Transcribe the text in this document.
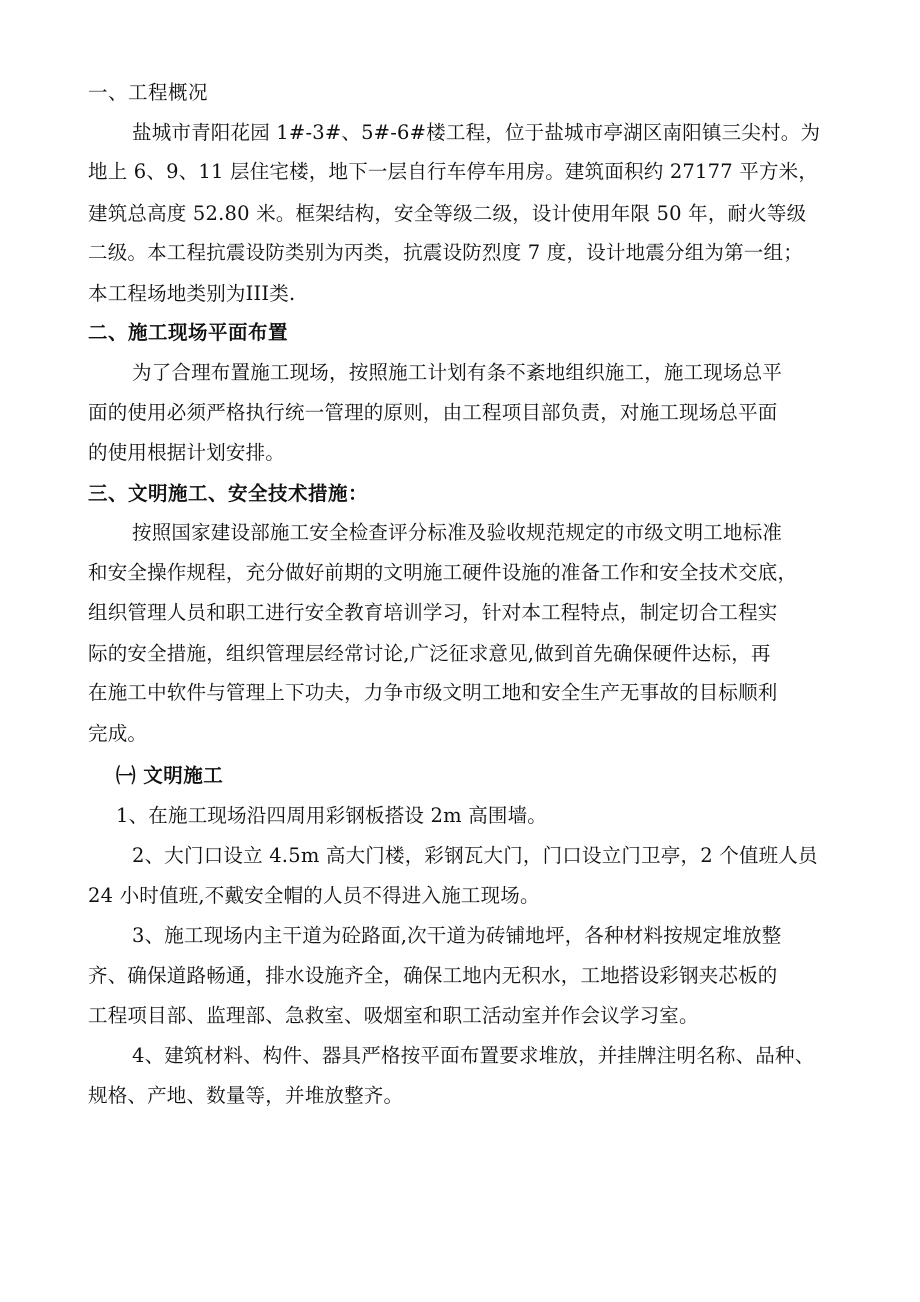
一、工程概况
盐城市青阳花园 1#-3#、5#-6#楼工程，位于盐城市亭湖区南阳镇三尖村。为
地上 6、9、11 层住宅楼，地下一层自行车停车用房。建筑面积约 27177 平方米，
建筑总高度 52.80 米。框架结构，安全等级二级，设计使用年限 50 年，耐火等级
二级。本工程抗震设防类别为丙类，抗震设防烈度 7 度，设计地震分组为第一组；
本工程场地类别为III类.
二、施工现场平面布置
为了合理布置施工现场，按照施工计划有条不紊地组织施工，施工现场总平
面的使用必须严格执行统一管理的原则，由工程项目部负责，对施工现场总平面
的使用根据计划安排。
三、文明施工、安全技术措施：
按照国家建设部施工安全检查评分标准及验收规范规定的市级文明工地标准
和安全操作规程，充分做好前期的文明施工硬件设施的准备工作和安全技术交底，
组织管理人员和职工进行安全教育培训学习，针对本工程特点，制定切合工程实
际的安全措施，组织管理层经常讨论,广泛征求意见,做到首先确保硬件达标，再
在施工中软件与管理上下功夫，力争市级文明工地和安全生产无事故的目标顺利
完成。
㈠ 文明施工
1、在施工现场沿四周用彩钢板搭设 2m 高围墙。
2、大门口设立 4.5m 高大门楼，彩钢瓦大门，门口设立门卫亭，2 个值班人员
24 小时值班,不戴安全帽的人员不得进入施工现场。
3、施工现场内主干道为砼路面,次干道为砖铺地坪，各种材料按规定堆放整
齐、确保道路畅通，排水设施齐全，确保工地内无积水，工地搭设彩钢夹芯板的
工程项目部、监理部、急救室、吸烟室和职工活动室并作会议学习室。
4、建筑材料、构件、器具严格按平面布置要求堆放，并挂牌注明名称、品种、
规格、产地、数量等，并堆放整齐。
